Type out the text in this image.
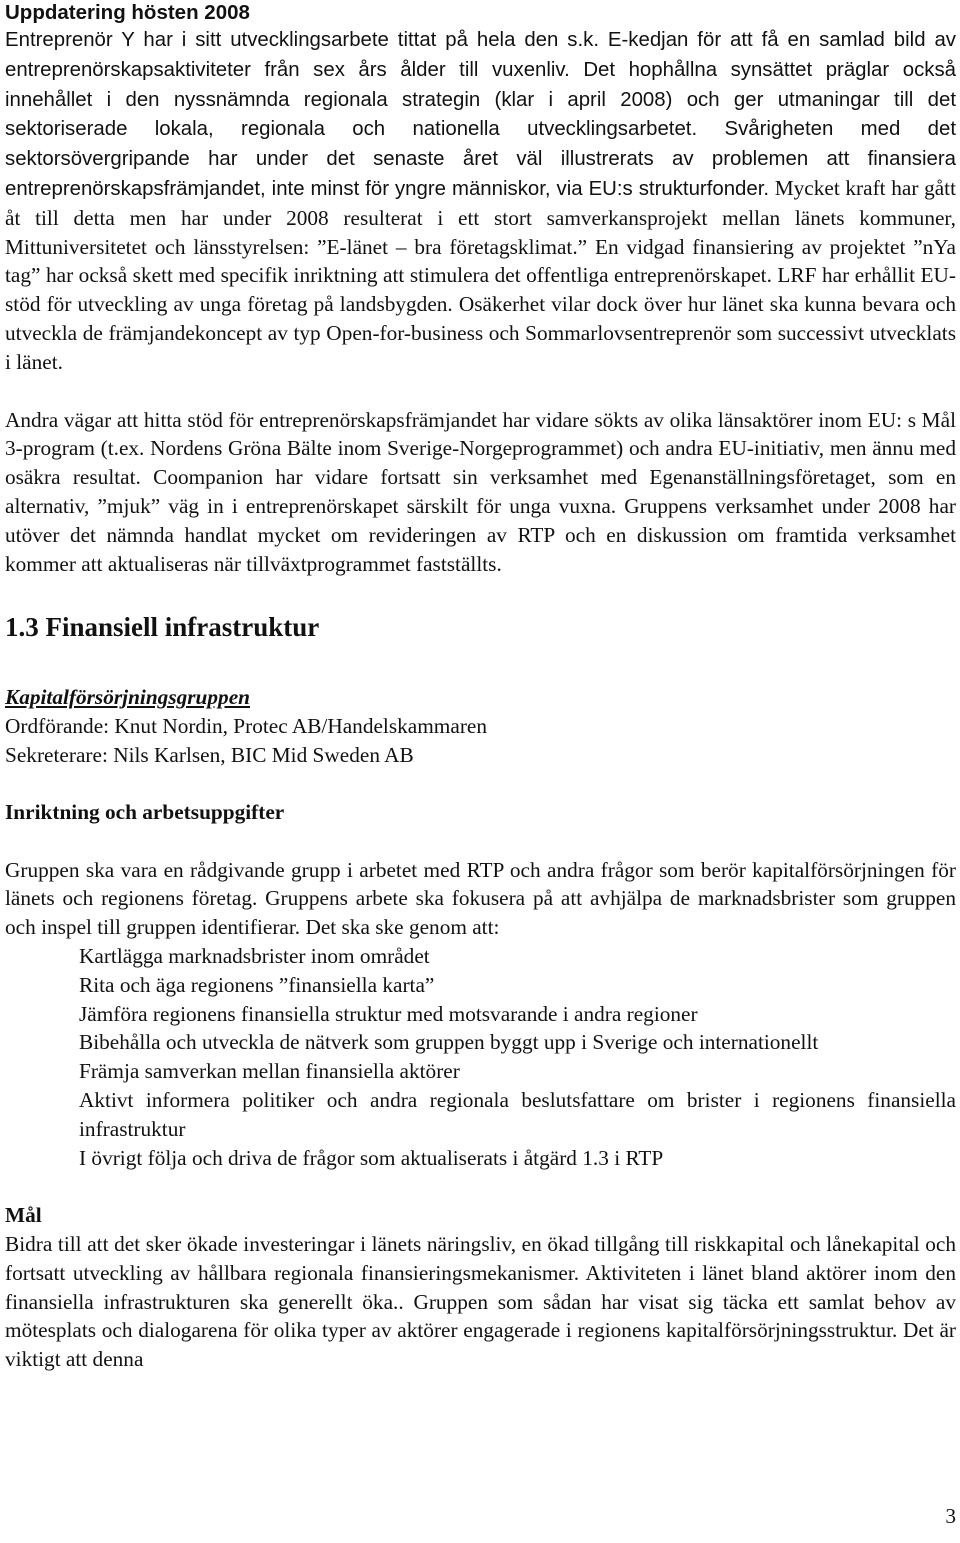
Uppdatering hösten 2008

Entreprenör Y har i sitt utvecklingsarbete tittat på hela den s.k. E-kedjan för att få en samlad bild av entreprenörskapsaktiviteter från sex års ålder till vuxenliv. Det hophållna synsättet präglar också innehållet i den nyssnämnda regionala strategin (klar i april 2008) och ger utmaningar till det sektoriserade lokala, regionala och nationella utvecklingsarbetet. Svårigheten med det sektorsövergripande har under det senaste året väl illustrerats av problemen att finansiera entreprenörskapsfrämjandet, inte minst för yngre människor, via EU:s strukturfonder. Mycket kraft har gått åt till detta men har under 2008 resulterat i ett stort samverkansprojekt mellan länets kommuner, Mittuniversitetet och länsstyrelsen: ”E-länet – bra företagsklimat.” En vidgad finansiering av projektet ”nYa tag” har också skett med specifik inriktning att stimulera det offentliga entreprenörskapet. LRF har erhållit EU-stöd för utveckling av unga företag på landsbygden. Osäkerhet vilar dock över hur länet ska kunna bevara och utveckla de främjandekoncept av typ Open-for-business och Sommarlovsentreprenör som successivt utvecklats i länet.

Andra vägar att hitta stöd för entreprenörskapsfrämjandet har vidare sökts av olika länsaktörer inom EU: s Mål 3-program (t.ex. Nordens Gröna Bälte inom Sverige-Norgeprogrammet) och andra EU-initiativ, men ännu med osäkra resultat. Coompanion har vidare fortsatt sin verksamhet med Egenanställningsföretaget, som en alternativ, ”mjuk” väg in i entreprenörskapet särskilt för unga vuxna. Gruppens verksamhet under 2008 har utöver det nämnda handlat mycket om revideringen av RTP och en diskussion om framtida verksamhet kommer att aktualiseras när tillväxtprogrammet fastställts.

1.3 Finansiell infrastruktur

Kapitalförsörjningsgruppen

Ordförande: Knut Nordin, Protec AB/Handelskammaren

Sekreterare: Nils Karlsen, BIC Mid Sweden AB

Inriktning och arbetsuppgifter

Gruppen ska vara en rådgivande grupp i arbetet med RTP och andra frågor som berör kapitalförsörjningen för länets och regionens företag. Gruppens arbete ska fokusera på att avhjälpa de marknadsbrister som gruppen och inspel till gruppen identifierar. Det ska ske genom att:

Kartlägga marknadsbrister inom området
Rita och äga regionens ”finansiella karta”
Jämföra regionens finansiella struktur med motsvarande i andra regioner
Bibehålla och utveckla de nätverk som gruppen byggt upp i Sverige och internationellt
Främja samverkan mellan finansiella aktörer
Aktivt informera politiker och andra regionala beslutsfattare om brister i regionens finansiella infrastruktur
I övrigt följa och driva de frågor som aktualiserats i åtgärd 1.3 i RTP

Mål

Bidra till att det sker ökade investeringar i länets näringsliv, en ökad tillgång till riskkapital och lånekapital och fortsatt utveckling av hållbara regionala finansieringsmekanismer. Aktiviteten i länet bland aktörer inom den finansiella infrastrukturen ska generellt öka.. Gruppen som sådan har visat sig täcka ett samlat behov av mötesplats och dialogarena för olika typer av aktörer engagerade i regionens kapitalförsörjningsstruktur. Det är viktigt att denna

3
